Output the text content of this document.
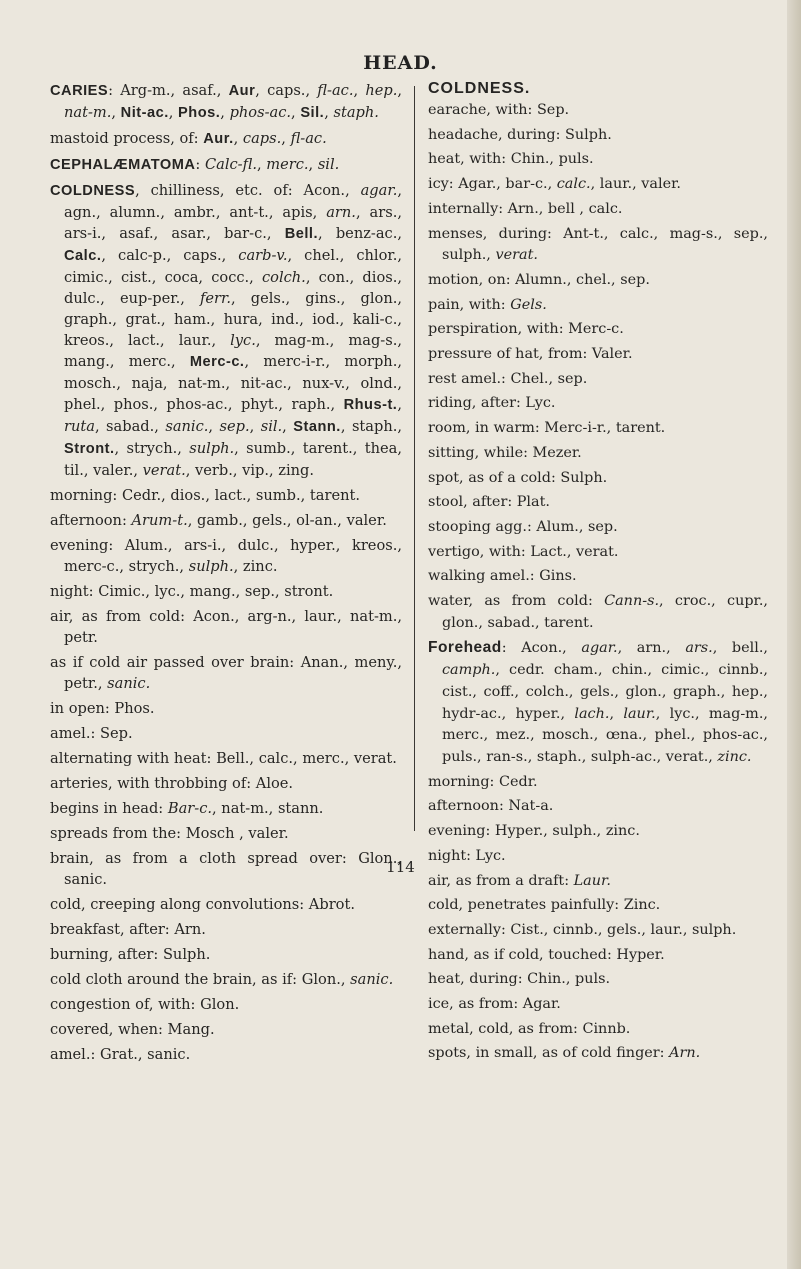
HEAD.
CARIES: Arg-m., asaf., Aur, caps., fl-ac., hep., nat-m., Nit-ac., Phos., phos-ac., Sil., staph.
mastoid process, of: Aur., caps., fl-ac.
CEPHALÆMATOMA: Calc-fl., merc., sil.
COLDNESS, chilliness, etc. of: Acon., agar., agn., alumn., ambr., ant-t., apis, arn., ars., ars-i., asaf., asar., bar-c., Bell., benz-ac., Calc., calc-p., caps., carb-v., chel., chlor., cimic., cist., coca, cocc., colch., con., dios., dulc., eup-per., ferr., gels., gins., glon., graph., grat., ham., hura, ind., iod., kali-c., kreos., lact., laur., lyc., mag-m., mag-s., mang., merc., Merc-c., merc-i-r., morph., mosch., naja, nat-m., nit-ac., nux-v., olnd., phel., phos., phos-ac., phyt., raph., Rhus-t., ruta, sabad., sanic., sep., sil., Stann., staph., Stront., strych., sulph., sumb., tarent., thea, til., valer., verat., verb., vip., zing.
morning: Cedr., dios., lact., sumb., tarent.
afternoon: Arum-t., gamb., gels., ol-an., valer.
evening: Alum., ars-i., dulc., hyper., kreos., merc-c., strych., sulph., zinc.
night: Cimic., lyc., mang., sep., stront.
air, as from cold: Acon., arg-n., laur., nat-m., petr.
as if cold air passed over brain: Anan., meny., petr., sanic.
in open: Phos.
amel.: Sep.
alternating with heat: Bell., calc., merc., verat.
arteries, with throbbing of: Aloe.
begins in head: Bar-c., nat-m., stann.
spreads from the: Mosch , valer.
brain, as from a cloth spread over: Glon., sanic.
cold, creeping along convolutions: Abrot.
breakfast, after: Arn.
burning, after: Sulph.
cold cloth around the brain, as if: Glon., sanic.
congestion of, with: Glon.
covered, when: Mang.
amel.: Grat., sanic.
COLDNESS.
earache, with: Sep.
headache, during: Sulph.
heat, with: Chin., puls.
icy: Agar., bar-c., calc., laur., valer.
internally: Arn., bell , calc.
menses, during: Ant-t., calc., mag-s., sep., sulph., verat.
motion, on: Alumn., chel., sep.
pain, with: Gels.
perspiration, with: Merc-c.
pressure of hat, from: Valer.
rest amel.: Chel., sep.
riding, after: Lyc.
room, in warm: Merc-i-r., tarent.
sitting, while: Mezer.
spot, as of a cold: Sulph.
stool, after: Plat.
stooping agg.: Alum., sep.
vertigo, with: Lact., verat.
walking amel.: Gins.
water, as from cold: Cann-s., croc., cupr., glon., sabad., tarent.
Forehead: Acon., agar., arn., ars., bell., camph., cedr. cham., chin., cimic., cinnb., cist., coff., colch., gels., glon., graph., hep., hydr-ac., hyper., lach., laur., lyc., mag-m., merc., mez., mosch., œna., phel., phos-ac., puls., ran-s., staph., sulph-ac., verat., zinc.
morning: Cedr.
afternoon: Nat-a.
evening: Hyper., sulph., zinc.
night: Lyc.
air, as from a draft: Laur.
cold, penetrates painfully: Zinc.
externally: Cist., cinnb., gels., laur., sulph.
hand, as if cold, touched: Hyper.
heat, during: Chin., puls.
ice, as from: Agar.
metal, cold, as from: Cinnb.
spots, in small, as of cold finger: Arn.
114
